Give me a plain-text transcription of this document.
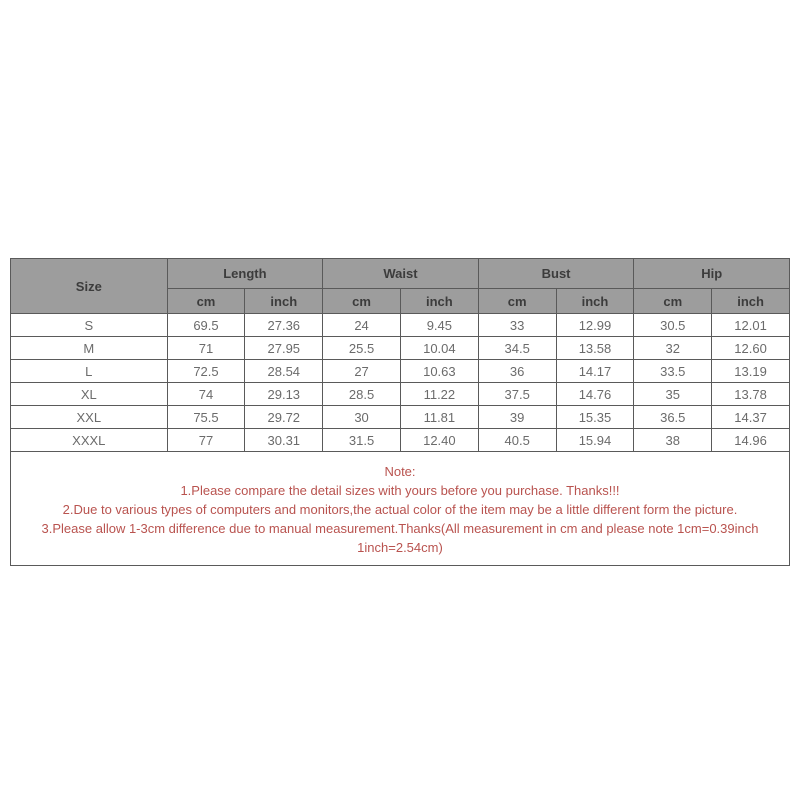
Size	Length		Waist		Bust		Hip	
	cm	inch	cm	inch	cm	inch	cm	inch
S	69.5	27.36	24	9.45	33	12.99	30.5	12.01
M	71	27.95	25.5	10.04	34.5	13.58	32	12.60
L	72.5	28.54	27	10.63	36	14.17	33.5	13.19
XL	74	29.13	28.5	11.22	37.5	14.76	35	13.78
XXL	75.5	29.72	30	11.81	39	15.35	36.5	14.37
XXXL	77	30.31	31.5	12.40	40.5	15.94	38	14.96

Note:
1.Please compare the detail sizes with yours before you purchase. Thanks!!!
2.Due to various types of computers and monitors,the actual color of the item may be a little different form the picture.
3.Please allow 1-3cm difference due to manual measurement.Thanks(All measurement in cm and please note 1cm=0.39inch 1inch=2.54cm)								
